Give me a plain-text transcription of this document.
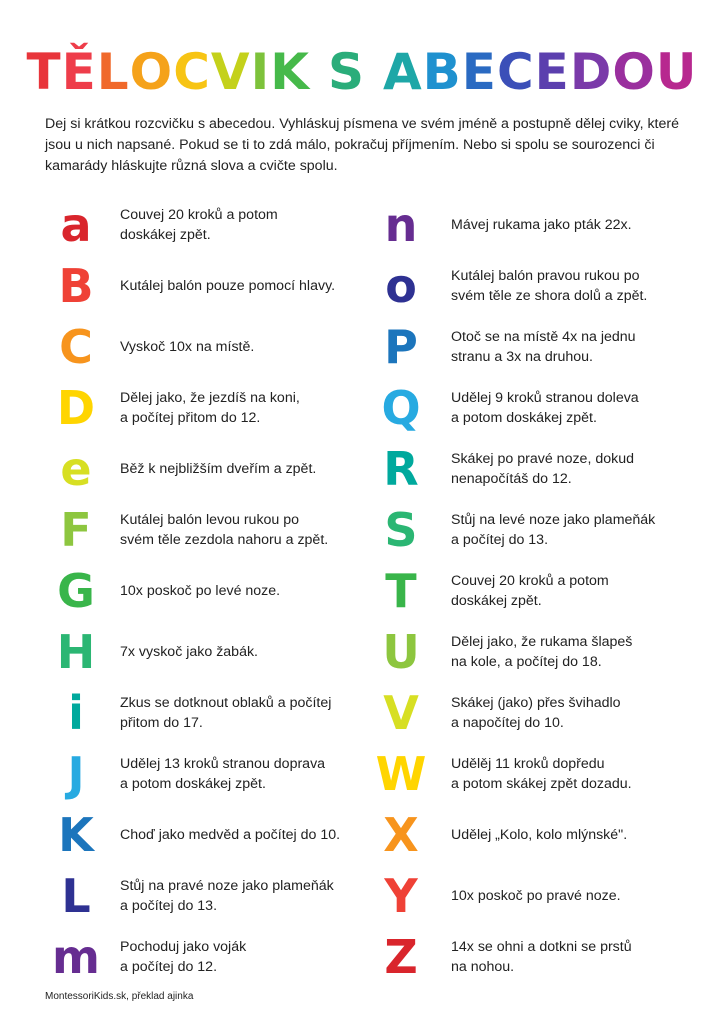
TĚLOCVIK S ABECEDOU
Dej si krátkou rozcvičku s abecedou. Vyhláskuj písmena ve svém jméně a postupně dělej cviky, které jsou u nich napsané. Pokud se ti to zdá málo, pokračuj příjmením. Nebo si spolu se sourozenci či kamarády hláskujte různá slova a cvičte spolu.
a	Couvej 20 kroků a potom
doskákej zpět.
B	Kutálej balón pouze pomocí hlavy.
C	Vyskoč 10x na místě.
D	Dělej jako, že jezdíš na koni,
a počítej přitom do 12.
e	Běž k nejbližším dveřím a zpět.
F	Kutálej balón levou rukou po
svém těle zezdola nahoru a zpět.
G	10x poskoč po levé noze.
H	7x vyskoč jako žabák.
i	Zkus se dotknout oblaků a počítej
přitom do 17.
J	Udělej 13 kroků stranou doprava
a potom doskákej zpět.
K	Choď jako medvěd a počítej do 10.
L	Stůj na pravé noze jako plameňák
a počítej do 13.
m Pochoduj jako voják
a počítej do 12.
n	Mávej rukama jako pták 22x.
o	Kutálej balón pravou rukou po
svém těle ze shora dolů a zpět.
P	Otoč se na místě 4x na jednu
stranu a 3x na druhou.
Q	Udělej 9 kroků stranou doleva
a potom doskákej zpět.
R	Skákej po pravé noze, dokud
nenapočítáš do 12.
S	Stůj na levé noze jako plameňák
a počítej do 13.
T	Couvej 20 kroků a potom
doskákej zpět.
U	Dělej jako, že rukama šlapeš
na kole, a počítej do 18.
V	Skákej (jako) přes švihadlo
a napočítej do 10.
W Udělěj 11 kroků dopředu
a potom skákej zpět dozadu.
X	Udělej „Kolo, kolo mlýnské".
Y	10x poskoč po pravé noze.
Z	14x se ohni a dotkni se prstů
na nohou.
MontessoriKids.sk, překlad ajinka
